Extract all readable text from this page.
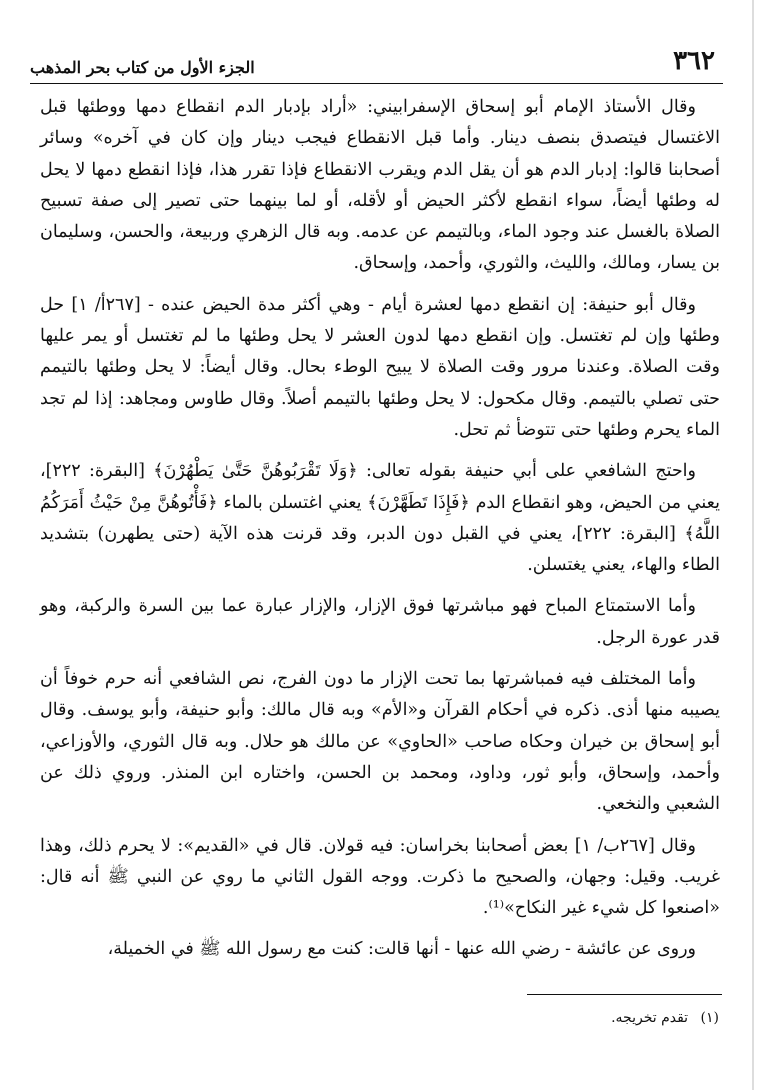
٣٦٢
الجزء الأول من كتاب بحر المذهب

وقال الأستاذ الإمام أبو إسحاق الإسفرابيني: «أراد بإدبار الدم انقطاع دمها ووطئها قبل الاغتسال فيتصدق بنصف دينار. وأما قبل الانقطاع فيجب دينار وإن كان في آخره» وسائر أصحابنا قالوا: إدبار الدم هو أن يقل الدم ويقرب الانقطاع فإذا تقرر هذا، فإذا انقطع دمها لا يحل له وطئها أيضاً، سواء انقطع لأكثر الحيض أو لأقله، أو لما بينهما حتى تصير إلى صفة تسبيح الصلاة بالغسل عند وجود الماء، وبالتيمم عن عدمه. وبه قال الزهري وربيعة، والحسن، وسليمان بن يسار، ومالك، والليث، والثوري، وأحمد، وإسحاق.

وقال أبو حنيفة: إن انقطع دمها لعشرة أيام - وهي أكثر مدة الحيض عنده - [٢٦٧أ/ ١] حل وطئها وإن لم تغتسل. وإن انقطع دمها لدون العشر لا يحل وطئها ما لم تغتسل أو يمر عليها وقت الصلاة. وعندنا مرور وقت الصلاة لا يبيح الوطء بحال. وقال أيضاً: لا يحل وطئها بالتيمم حتى تصلي بالتيمم. وقال مكحول: لا يحل وطئها بالتيمم أصلاً. وقال طاوس ومجاهد: إذا لم تجد الماء يحرم وطئها حتى تتوضأ ثم تحل.

واحتج الشافعي على أبي حنيفة بقوله تعالى: ﴿وَلَا تَقْرَبُوهُنَّ حَتَّىٰ يَطْهُرْنَ﴾ [البقرة: ٢٢٢]، يعني من الحيض، وهو انقطاع الدم ﴿فَإِذَا تَطَهَّرْنَ﴾ يعني اغتسلن بالماء ﴿فَأْتُوهُنَّ مِنْ حَيْثُ أَمَرَكُمُ اللَّهُ﴾ [البقرة: ٢٢٢]، يعني في القبل دون الدبر، وقد قرنت هذه الآية (حتى يطهرن) بتشديد الطاء والهاء، يعني يغتسلن.

وأما الاستمتاع المباح فهو مباشرتها فوق الإزار، والإزار عبارة عما بين السرة والركبة، وهو قدر عورة الرجل.

وأما المختلف فيه فمباشرتها بما تحت الإزار ما دون الفرج، نص الشافعي أنه حرم خوفاً أن يصيبه منها أذى. ذكره في أحكام القرآن و«الأم» وبه قال مالك: وأبو حنيفة، وأبو يوسف. وقال أبو إسحاق بن خيران وحكاه صاحب «الحاوي» عن مالك هو حلال. وبه قال الثوري، والأوزاعي، وأحمد، وإسحاق، وأبو ثور، وداود، ومحمد بن الحسن، واختاره ابن المنذر. وروي ذلك عن الشعبي والنخعي.

وقال [٢٦٧ب/ ١] بعض أصحابنا بخراسان: فيه قولان. قال في «القديم»: لا يحرم ذلك، وهذا غريب. وقيل: وجهان، والصحيح ما ذكرت. ووجه القول الثاني ما روي عن النبي ﷺ أنه قال: «اصنعوا كل شيء غير النكاح»⁽¹⁾.

وروى عن عائشة - رضي الله عنها - أنها قالت: كنت مع رسول الله ﷺ في الخميلة،

(١) تقدم تخريجه.
